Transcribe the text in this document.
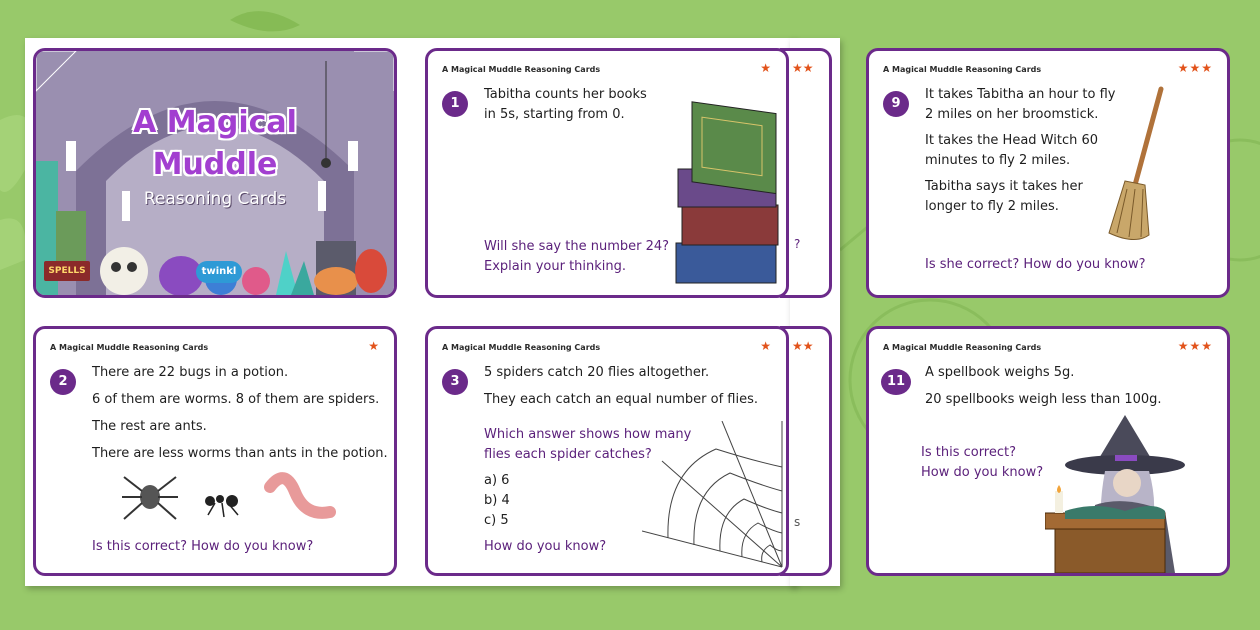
★★
?
★★
s
A Magical
Muddle
Reasoning Cards
SPELLS	twinkl
A Magical Muddle Reasoning Cards	★
1
Tabitha counts her books
in 5s, starting from 0.
Will she say the number 24?
Explain your thinking.
A Magical Muddle Reasoning Cards	★
2
There are 22 bugs in a potion.
6 of them are worms. 8 of them are spiders.
The rest are ants.
There are less worms than ants in the potion.
Is this correct? How do you know?
A Magical Muddle Reasoning Cards	★
3
5 spiders catch 20 flies altogether.
They each catch an equal number of flies.
Which answer shows how many
flies each spider catches?
a) 6
b) 4
c) 5
How do you know?
A Magical Muddle Reasoning Cards	★★★
9
It takes Tabitha an hour to fly
2 miles on her broomstick.
It takes the Head Witch 60
minutes to fly 2 miles.
Tabitha says it takes her
longer to fly 2 miles.
Is she correct? How do you know?
A Magical Muddle Reasoning Cards	★★★
11
A spellbook weighs 5g.
20 spellbooks weigh less than 100g.
Is this correct?
How do you know?
